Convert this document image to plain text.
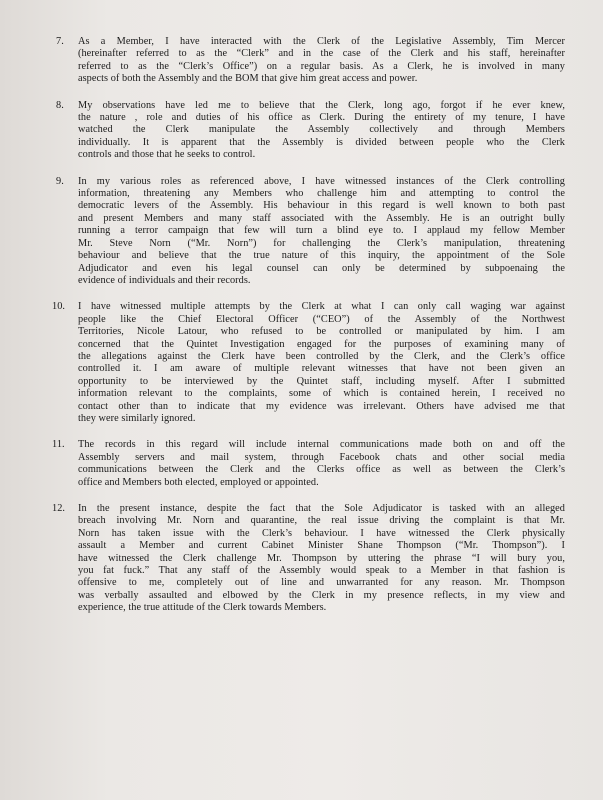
7. As a Member, I have interacted with the Clerk of the Legislative Assembly, Tim Mercer
(hereinafter referred to as the “Clerk” and in the case of the Clerk and his staff, hereinafter
referred to as the “Clerk’s Office”) on a regular basis. As a Clerk, he is involved in many
aspects of both the Assembly and the BOM that give him great access and power.
8. My observations have led me to believe that the Clerk, long ago, forgot if he ever knew,
the nature , role and duties of his office as Clerk. During the entirety of my tenure, I have
watched the Clerk manipulate the Assembly collectively and through Members
individually. It is apparent that the Assembly is divided between people who the Clerk
controls and those that he seeks to control.
9. In my various roles as referenced above, I have witnessed instances of the Clerk controlling
information, threatening any Members who challenge him and attempting to control the
democratic levers of the Assembly. His behaviour in this regard is well known to both past
and present Members and many staff associated with the Assembly. He is an outright bully
running a terror campaign that few will turn a blind eye to. I applaud my fellow Member
Mr. Steve Norn (“Mr. Norn”) for challenging the Clerk’s manipulation, threatening
behaviour and believe that the true nature of this inquiry, the appointment of the Sole
Adjudicator and even his legal counsel can only be determined by subpoenaing the
evidence of individuals and their records.
10. I have witnessed multiple attempts by the Clerk at what I can only call waging war against
people like the Chief Electoral Officer (“CEO”) of the Assembly of the Northwest
Territories, Nicole Latour, who refused to be controlled or manipulated by him. I am
concerned that the Quintet Investigation engaged for the purposes of examining many of
the allegations against the Clerk have been controlled by the Clerk, and the Clerk’s office
controlled it. I am aware of multiple relevant witnesses that have not been given an
opportunity to be interviewed by the Quintet staff, including myself. After I submitted
information relevant to the complaints, some of which is contained herein, I received no
contact other than to indicate that my evidence was irrelevant. Others have advised me that
they were similarly ignored.
11. The records in this regard will include internal communications made both on and off the
Assembly servers and mail system, through Facebook chats and other social media
communications between the Clerk and the Clerks office as well as between the Clerk’s
office and Members both elected, employed or appointed.
12. In the present instance, despite the fact that the Sole Adjudicator is tasked with an alleged
breach involving Mr. Norn and quarantine, the real issue driving the complaint is that Mr.
Norn has taken issue with the Clerk’s behaviour. I have witnessed the Clerk physically
assault a Member and current Cabinet Minister Shane Thompson (“Mr. Thompson”). I
have witnessed the Clerk challenge Mr. Thompson by uttering the phrase “I will bury you,
you fat fuck.” That any staff of the Assembly would speak to a Member in that fashion is
offensive to me, completely out of line and unwarranted for any reason. Mr. Thompson
was verbally assaulted and elbowed by the Clerk in my presence reflects, in my view and
experience, the true attitude of the Clerk towards Members.
